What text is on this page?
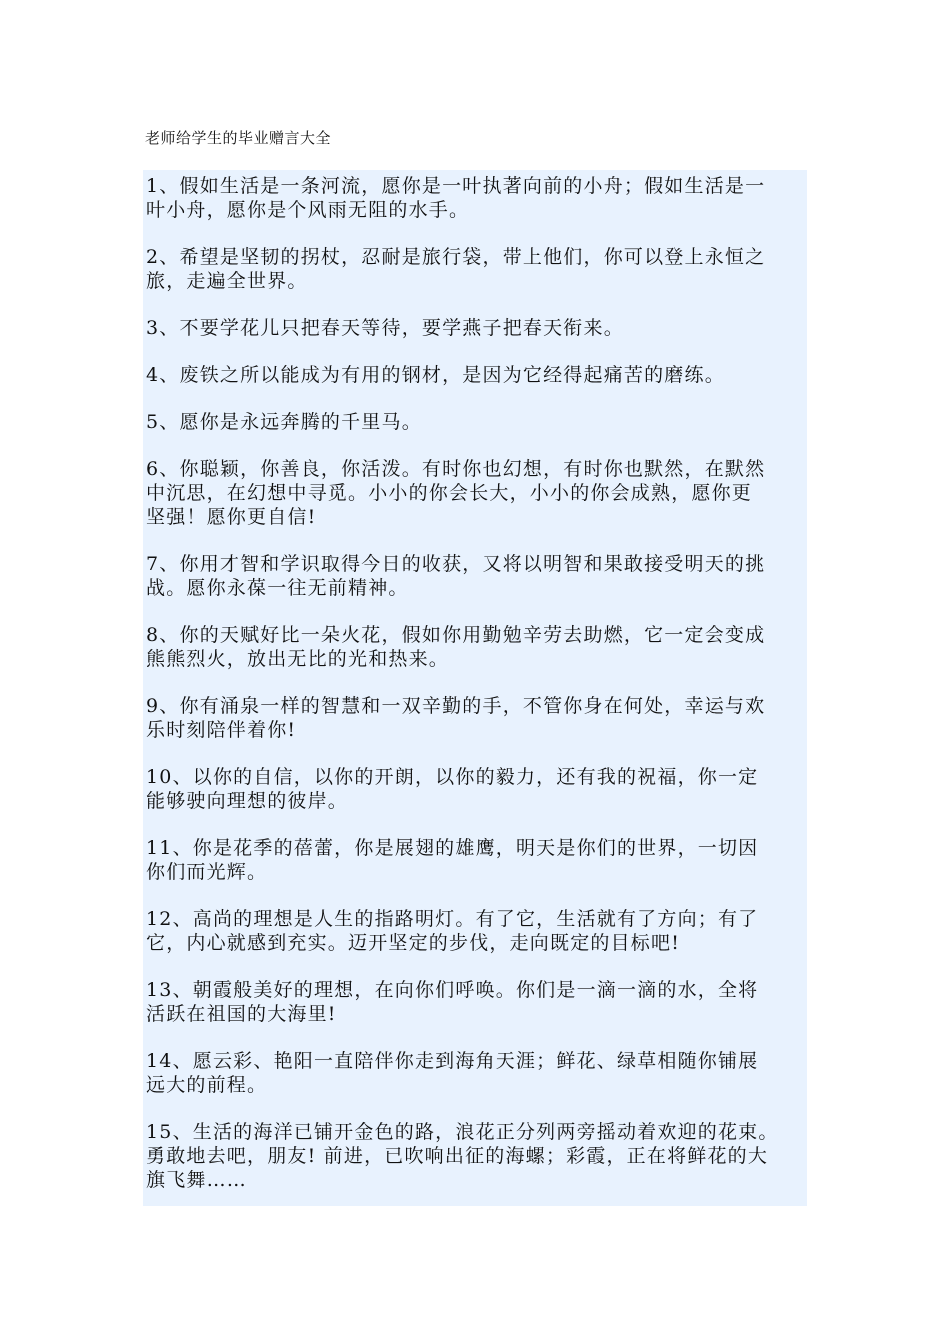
老师给学生的毕业赠言大全

1、假如生活是一条河流，愿你是一叶执著向前的小舟；假如生活是一
叶小舟，愿你是个风雨无阻的水手。

2、希望是坚韧的拐杖，忍耐是旅行袋，带上他们，你可以登上永恒之
旅，走遍全世界。

3、不要学花儿只把春天等待，要学燕子把春天衔来。

4、废铁之所以能成为有用的钢材，是因为它经得起痛苦的磨练。

5、愿你是永远奔腾的千里马。

6、你聪颖，你善良，你活泼。有时你也幻想，有时你也默然，在默然
中沉思，在幻想中寻觅。小小的你会长大，小小的你会成熟，愿你更
坚强！愿你更自信!

7、你用才智和学识取得今日的收获，又将以明智和果敢接受明天的挑
战。愿你永葆一往无前精神。

8、你的天赋好比一朵火花，假如你用勤勉辛劳去助燃，它一定会变成
熊熊烈火，放出无比的光和热来。

9、你有涌泉一样的智慧和一双辛勤的手，不管你身在何处，幸运与欢
乐时刻陪伴着你!

10、以你的自信，以你的开朗，以你的毅力，还有我的祝福，你一定
能够驶向理想的彼岸。

11、你是花季的蓓蕾，你是展翅的雄鹰，明天是你们的世界，一切因
你们而光辉。

12、高尚的理想是人生的指路明灯。有了它，生活就有了方向；有了
它，内心就感到充实。迈开坚定的步伐，走向既定的目标吧!

13、朝霞般美好的理想，在向你们呼唤。你们是一滴一滴的水，全将
活跃在祖国的大海里!

14、愿云彩、艳阳一直陪伴你走到海角天涯；鲜花、绿草相随你铺展
远大的前程。

15、生活的海洋已铺开金色的路，浪花正分列两旁摇动着欢迎的花束。
勇敢地去吧，朋友! 前进，已吹响出征的海螺；彩霞，正在将鲜花的大
旗飞舞……
